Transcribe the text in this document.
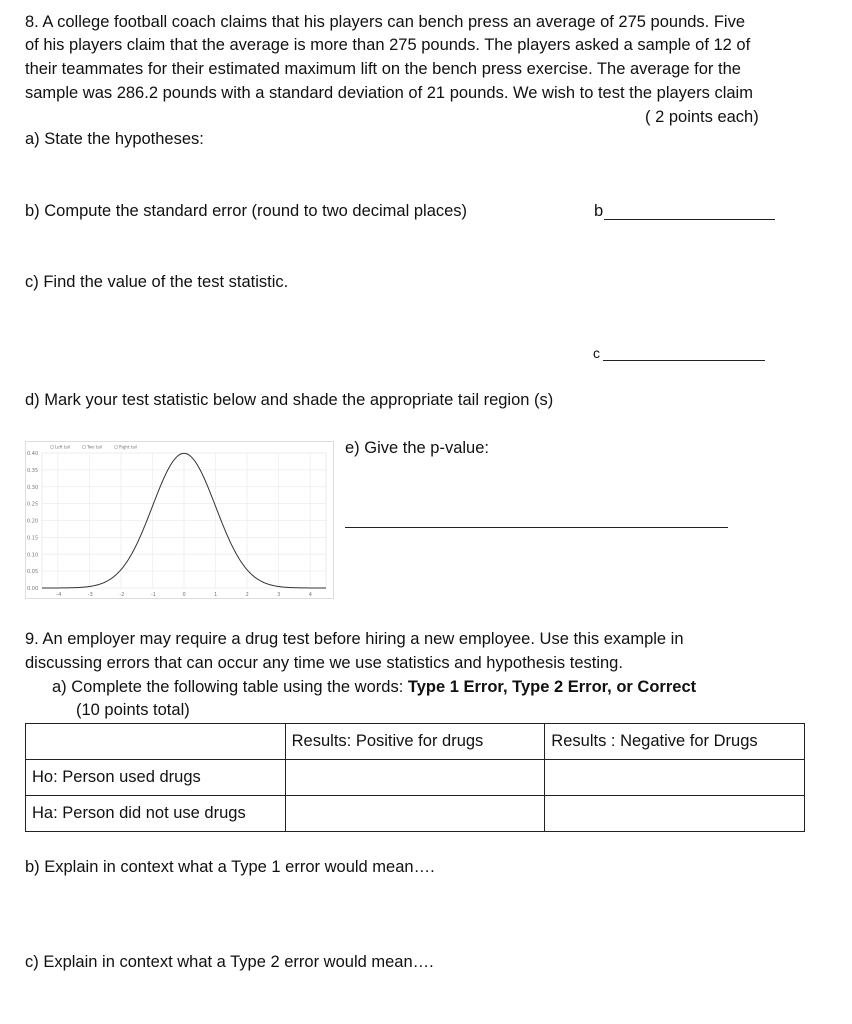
8. A college football coach claims that his players can bench press an average of 275 pounds. Five
of his players claim that the average is more than 275 pounds. The players asked a sample of 12 of
their teammates for their estimated maximum lift on the bench press exercise. The average for the
sample was 286.2 pounds with a standard deviation of 21 pounds. We wish to test the players claim
( 2 points each)
a) State the hypotheses:
b) Compute the standard error (round to two decimal places)	b
c) Find the value of the test statistic.
c
d) Mark your test statistic below and shade the appropriate tail region (s)
0.40
0.35
0.30
0.25
0.20
0.15
0.10
0.05
0.00
-4	-3	-2	-1	0	1	2	3	4
Left tail	Two tail	Right tail	e) Give the p-value:
9. An employer may require a drug test before hiring a new employee. Use this example in
discussing errors that can occur any time we use statistics and hypothesis testing.
a) Complete the following table using the words: Type 1 Error, Type 2 Error, or Correct
(10 points total)
	Results: Positive for drugs	Results : Negative for Drugs
Ho: Person used drugs		
Ha: Person did not use drugs		
b) Explain in context what a Type 1 error would mean….
c) Explain in context what a Type 2 error would mean….
